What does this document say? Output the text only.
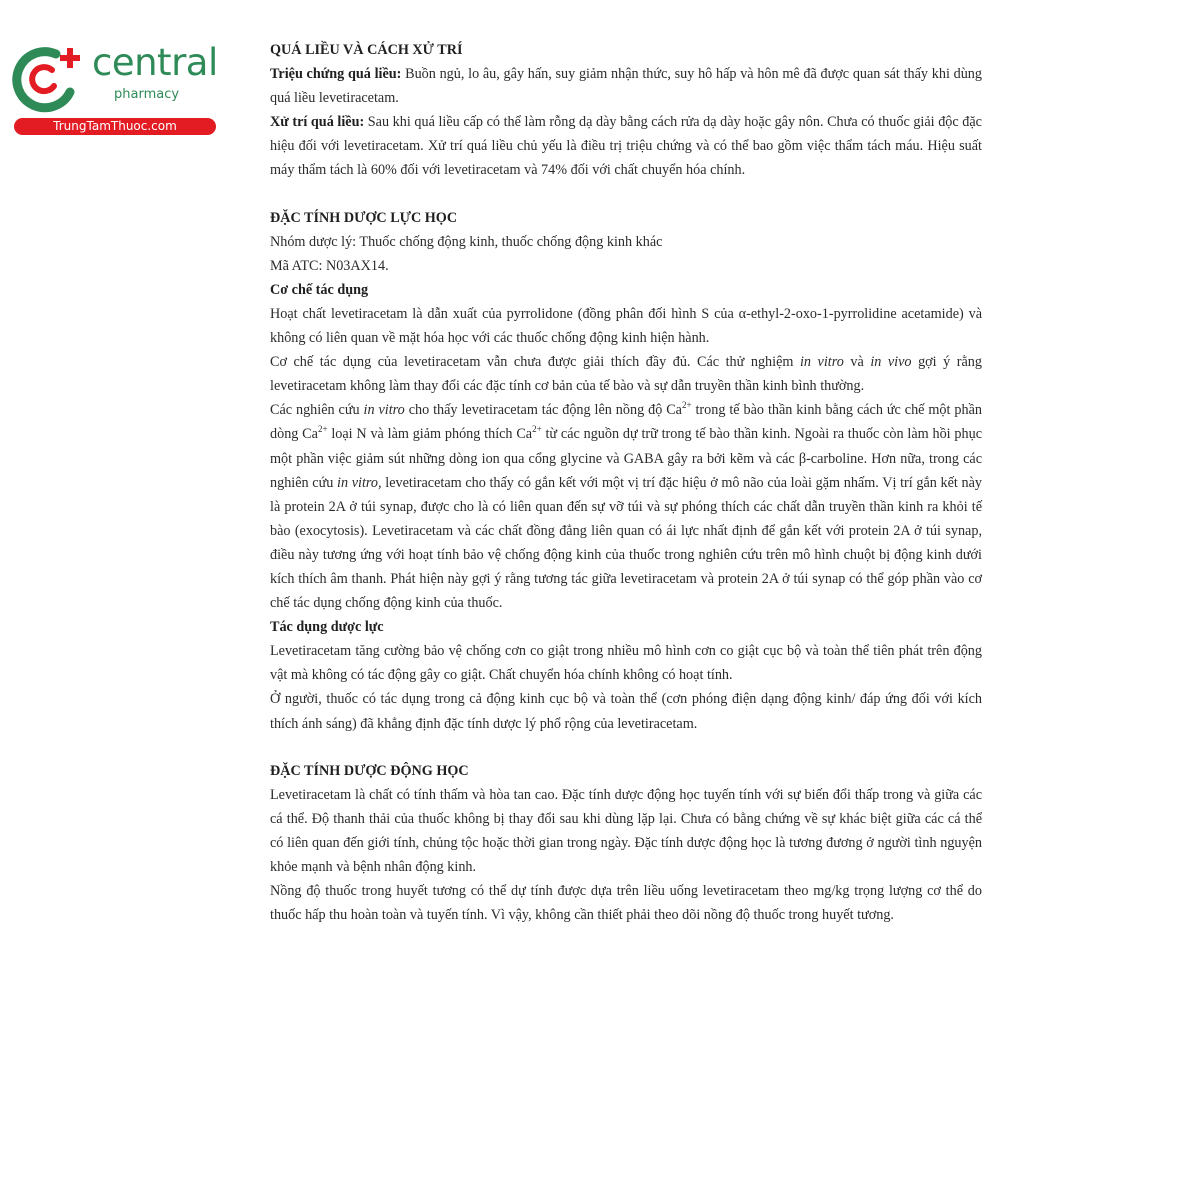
central
pharmacy
TrungTamThuoc.com
QUÁ LIỀU VÀ CÁCH XỬ TRÍ

Triệu chứng quá liều: Buồn ngủ, lo âu, gây hấn, suy giảm nhận thức, suy hô hấp và hôn mê đã được quan sát thấy khi dùng quá liều levetiracetam.

Xử trí quá liều: Sau khi quá liều cấp có thể làm rỗng dạ dày bằng cách rửa dạ dày hoặc gây nôn. Chưa có thuốc giải độc đặc hiệu đối với levetiracetam. Xử trí quá liều chủ yếu là điều trị triệu chứng và có thể bao gồm việc thẩm tách máu. Hiệu suất máy thẩm tách là 60% đối với levetiracetam và 74% đối với chất chuyển hóa chính.

ĐẶC TÍNH DƯỢC LỰC HỌC

Nhóm dược lý: Thuốc chống động kinh, thuốc chống động kinh khác

Mã ATC: N03AX14.

Cơ chế tác dụng

Hoạt chất levetiracetam là dẫn xuất của pyrrolidone (đồng phân đối hình S của α-ethyl-2-oxo-1-pyrrolidine acetamide) và không có liên quan về mặt hóa học với các thuốc chống động kinh hiện hành.

Cơ chế tác dụng của levetiracetam vẫn chưa được giải thích đầy đủ. Các thử nghiệm in vitro và in vivo gợi ý rằng levetiracetam không làm thay đổi các đặc tính cơ bản của tế bào và sự dẫn truyền thần kinh bình thường.

Các nghiên cứu in vitro cho thấy levetiracetam tác động lên nồng độ $Ca^{2+}$ trong tế bào thần kinh bằng cách ức chế một phần dòng $Ca^{2+}$ loại N và làm giảm phóng thích $Ca^{2+}$ từ các nguồn dự trữ trong tế bào thần kinh. Ngoài ra thuốc còn làm hồi phục một phần việc giảm sút những dòng ion qua cổng glycine và GABA gây ra bởi kẽm và các β-carboline. Hơn nữa, trong các nghiên cứu in vitro, levetiracetam cho thấy có gắn kết với một vị trí đặc hiệu ở mô não của loài gặm nhấm. Vị trí gắn kết này là protein 2A ở túi synap, được cho là có liên quan đến sự vỡ túi và sự phóng thích các chất dẫn truyền thần kinh ra khỏi tế bào (exocytosis). Levetiracetam và các chất đồng đẳng liên quan có ái lực nhất định để gắn kết với protein 2A ở túi synap, điều này tương ứng với hoạt tính bảo vệ chống động kinh của thuốc trong nghiên cứu trên mô hình chuột bị động kinh dưới kích thích âm thanh. Phát hiện này gợi ý rằng tương tác giữa levetiracetam và protein 2A ở túi synap có thể góp phần vào cơ chế tác dụng chống động kinh của thuốc.

Tác dụng dược lực

Levetiracetam tăng cường bảo vệ chống cơn co giật trong nhiều mô hình cơn co giật cục bộ và toàn thể tiên phát trên động vật mà không có tác động gây co giật. Chất chuyển hóa chính không có hoạt tính.

Ở người, thuốc có tác dụng trong cả động kinh cục bộ và toàn thể (cơn phóng điện dạng động kinh/ đáp ứng đối với kích thích ánh sáng) đã khẳng định đặc tính dược lý phổ rộng của levetiracetam.

ĐẶC TÍNH DƯỢC ĐỘNG HỌC

Levetiracetam là chất có tính thấm và hòa tan cao. Đặc tính dược động học tuyến tính với sự biến đổi thấp trong và giữa các cá thể. Độ thanh thải của thuốc không bị thay đổi sau khi dùng lặp lại. Chưa có bằng chứng về sự khác biệt giữa các cá thể có liên quan đến giới tính, chủng tộc hoặc thời gian trong ngày. Đặc tính dược động học là tương đương ở người tình nguyện khỏe mạnh và bệnh nhân động kinh.

Nồng độ thuốc trong huyết tương có thể dự tính được dựa trên liều uống levetiracetam theo mg/kg trọng lượng cơ thể do thuốc hấp thu hoàn toàn và tuyến tính. Vì vậy, không cần thiết phải theo dõi nồng độ thuốc trong huyết tương.
